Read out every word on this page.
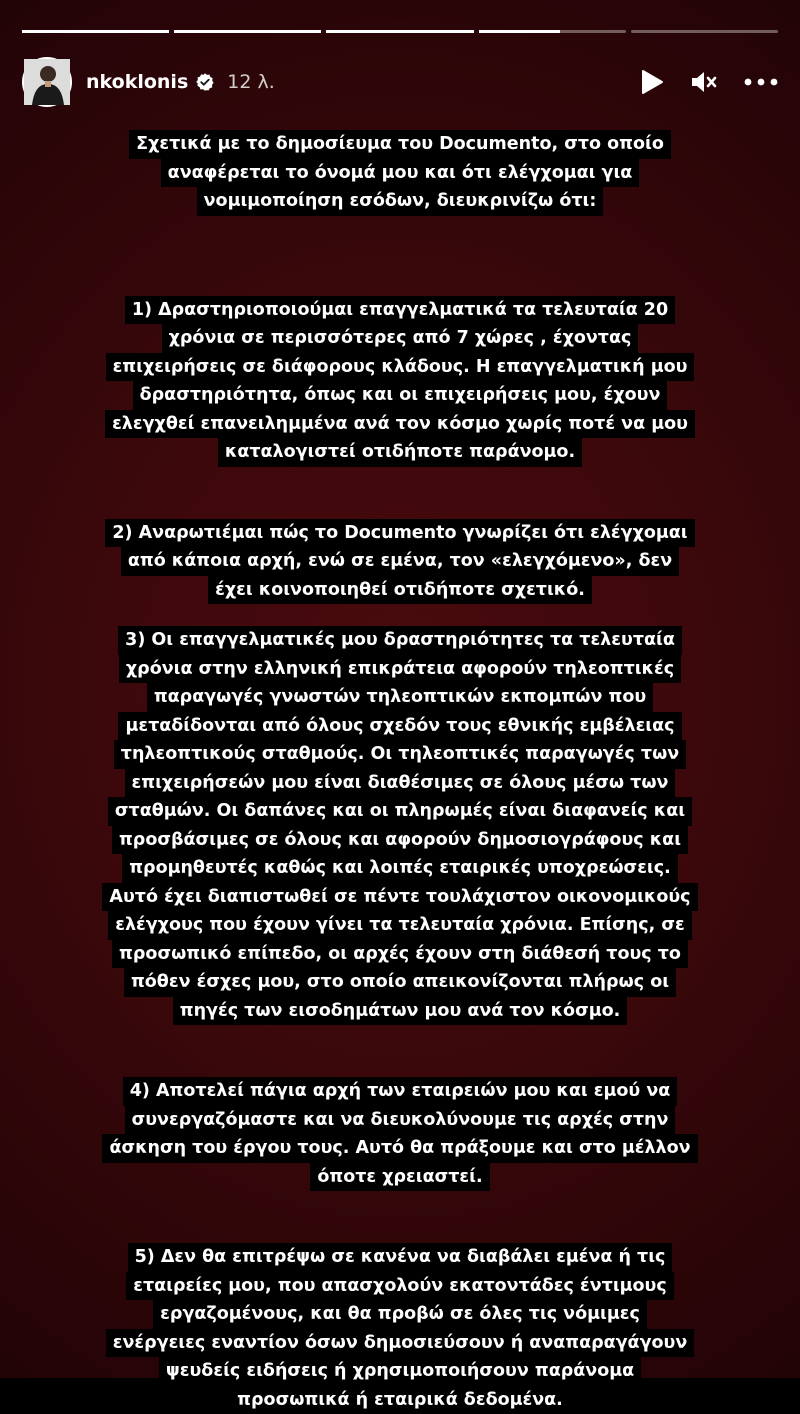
nkoklonis 12 λ.
Σχετικά με το δημοσίευμα του Documento, στο οποίο
αναφέρεται το όνομά μου και ότι ελέγχομαι για
νομιμοποίηση εσόδων, διευκρινίζω ότι:
1) Δραστηριοποιούμαι επαγγελματικά τα τελευταία 20
χρόνια σε περισσότερες από 7 χώρες , έχοντας
επιχειρήσεις σε διάφορους κλάδους. Η επαγγελματική μου
δραστηριότητα, όπως και οι επιχειρήσεις μου, έχουν
ελεγχθεί επανειλημμένα ανά τον κόσμο χωρίς ποτέ να μου
καταλογιστεί οτιδήποτε παράνομο.
2) Αναρωτιέμαι πώς το Documento γνωρίζει ότι ελέγχομαι
από κάποια αρχή, ενώ σε εμένα, τον «ελεγχόμενο», δεν
έχει κοινοποιηθεί οτιδήποτε σχετικό.
3) Οι επαγγελματικές μου δραστηριότητες τα τελευταία
χρόνια στην ελληνική επικράτεια αφορούν τηλεοπτικές
παραγωγές γνωστών τηλεοπτικών εκπομπών που
μεταδίδονται από όλους σχεδόν τους εθνικής εμβέλειας
τηλεοπτικούς σταθμούς. Οι τηλεοπτικές παραγωγές των
επιχειρήσεών μου είναι διαθέσιμες σε όλους μέσω των
σταθμών. Οι δαπάνες και οι πληρωμές είναι διαφανείς και
προσβάσιμες σε όλους και αφορούν δημοσιογράφους και
προμηθευτές καθώς και λοιπές εταιρικές υποχρεώσεις.
Αυτό έχει διαπιστωθεί σε πέντε τουλάχιστον οικονομικούς
ελέγχους που έχουν γίνει τα τελευταία χρόνια. Επίσης, σε
προσωπικό επίπεδο, οι αρχές έχουν στη διάθεσή τους το
πόθεν έσχες μου, στο οποίο απεικονίζονται πλήρως οι
πηγές των εισοδημάτων μου ανά τον κόσμο.
4) Αποτελεί πάγια αρχή των εταιρειών μου και εμού να
συνεργαζόμαστε και να διευκολύνουμε τις αρχές στην
άσκηση του έργου τους. Αυτό θα πράξουμε και στο μέλλον
όποτε χρειαστεί.
5) Δεν θα επιτρέψω σε κανένα να διαβάλει εμένα ή τις
εταιρείες μου, που απασχολούν εκατοντάδες έντιμους
εργαζομένους, και θα προβώ σε όλες τις νόμιμες
ενέργειες εναντίον όσων δημοσιεύσουν ή αναπαραγάγουν
ψευδείς ειδήσεις ή χρησιμοποιήσουν παράνομα
προσωπικά ή εταιρικά δεδομένα.
